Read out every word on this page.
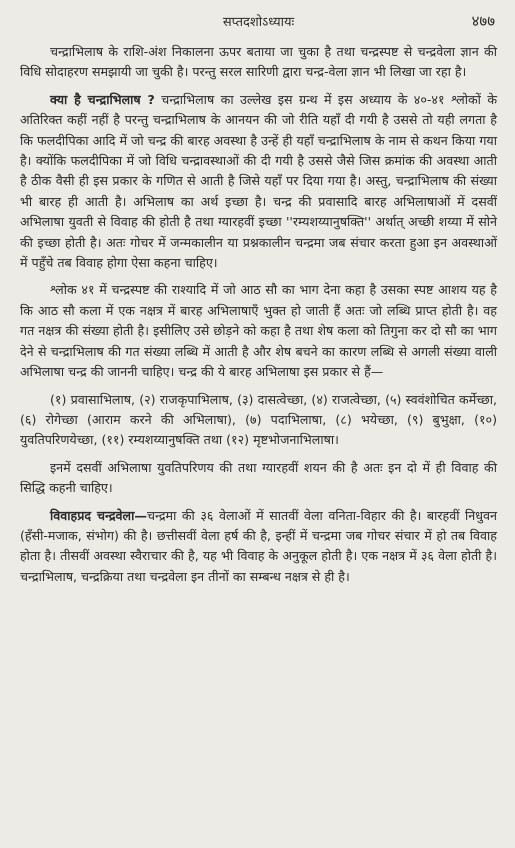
सप्तदशोऽध्यायः	४७७

चन्द्राभिलाष के राशि-अंश निकालना ऊपर बताया जा चुका है तथा चन्द्रस्पष्ट से चन्द्रवेला ज्ञान की विधि सोदाहरण समझायी जा चुकी है। परन्तु सरल सारिणी द्वारा चन्द्र-वेला ज्ञान भी लिखा जा रहा है।

क्या है चन्द्राभिलाष ? चन्द्राभिलाष का उल्लेख इस ग्रन्थ में इस अध्याय के ४०-४१ श्लोकों के अतिरिक्त कहीं नहीं है परन्तु चन्द्राभिलाष के आनयन की जो रीति यहाँ दी गयी है उससे तो यही लगता है कि फलदीपिका आदि में जो चन्द्र की बारह अवस्था है उन्हें ही यहाँ चन्द्राभिलाष के नाम से कथन किया गया है। क्योंकि फलदीपिका में जो विधि चन्द्रावस्थाओं की दी गयी है उससे जैसे जिस क्रमांक की अवस्था आती है ठीक वैसी ही इस प्रकार के गणित से आती है जिसे यहाँ पर दिया गया है। अस्तु, चन्द्राभिलाष की संख्या भी बारह ही आती है। अभिलाष का अर्थ इच्छा है। चन्द्र की प्रवासादि बारह अभिलाषाओं में दसवीं अभिलाषा युवती से विवाह की होती है तथा ग्यारहवीं इच्छा ''रम्यशय्यानुषक्ति'' अर्थात् अच्छी शय्या में सोने की इच्छा होती है। अतः गोचर में जन्मकालीन या प्रश्नकालीन चन्द्रमा जब संचार करता हुआ इन अवस्थाओं में पहुँचे तब विवाह होगा ऐसा कहना चाहिए।

श्लोक ४१ में चन्द्रस्पष्ट की राश्यादि में जो आठ सौ का भाग देना कहा है उसका स्पष्ट आशय यह है कि आठ सौ कला में एक नक्षत्र में बारह अभिलाषाएँ भुक्त हो जाती हैं अतः जो लब्धि प्राप्त होती है। वह गत नक्षत्र की संख्या होती है। इसीलिए उसे छोड़ने को कहा है तथा शेष कला को तिगुना कर दो सौ का भाग देने से चन्द्राभिलाष की गत संख्या लब्धि में आती है और शेष बचने का कारण लब्धि से अगली संख्या वाली अभिलाषा चन्द्र की जाननी चाहिए। चन्द्र की ये बारह अभिलाषा इस प्रकार से हैं—

(१) प्रवासाभिलाष, (२) राजकृपाभिलाष, (३) दासत्वेच्छा, (४) राजत्वेच्छा, (५) स्ववंशोचित कर्मेच्छा, (६) रोगेच्छा (आराम करने की अभिलाषा), (७) पदाभिलाषा, (८) भयेच्छा, (९) बुभुक्षा, (१०) युवतिपरिणयेच्छा, (११) रम्यशय्यानुषक्ति तथा (१२) मृष्टभोजनाभिलाषा।

इनमें दसवीं अभिलाषा युवतिपरिणय की तथा ग्यारहवीं शयन की है अतः इन दो में ही विवाह की सिद्धि कहनी चाहिए।

विवाहप्रद चन्द्रवेला—चन्द्रमा की ३६ वेलाओं में सातवीं वेला वनिता-विहार की है। बारहवीं निधुवन (हँसी-मजाक, संभोग) की है। छत्तीसवीं वेला हर्ष की है, इन्हीं में चन्द्रमा जब गोचर संचार में हो तब विवाह होता है। तीसवीं अवस्था स्वैराचार की है, यह भी विवाह के अनुकूल होती है। एक नक्षत्र में ३६ वेला होती है। चन्द्राभिलाष, चन्द्रक्रिया तथा चन्द्रवेला इन तीनों का सम्बन्ध नक्षत्र से ही है।
